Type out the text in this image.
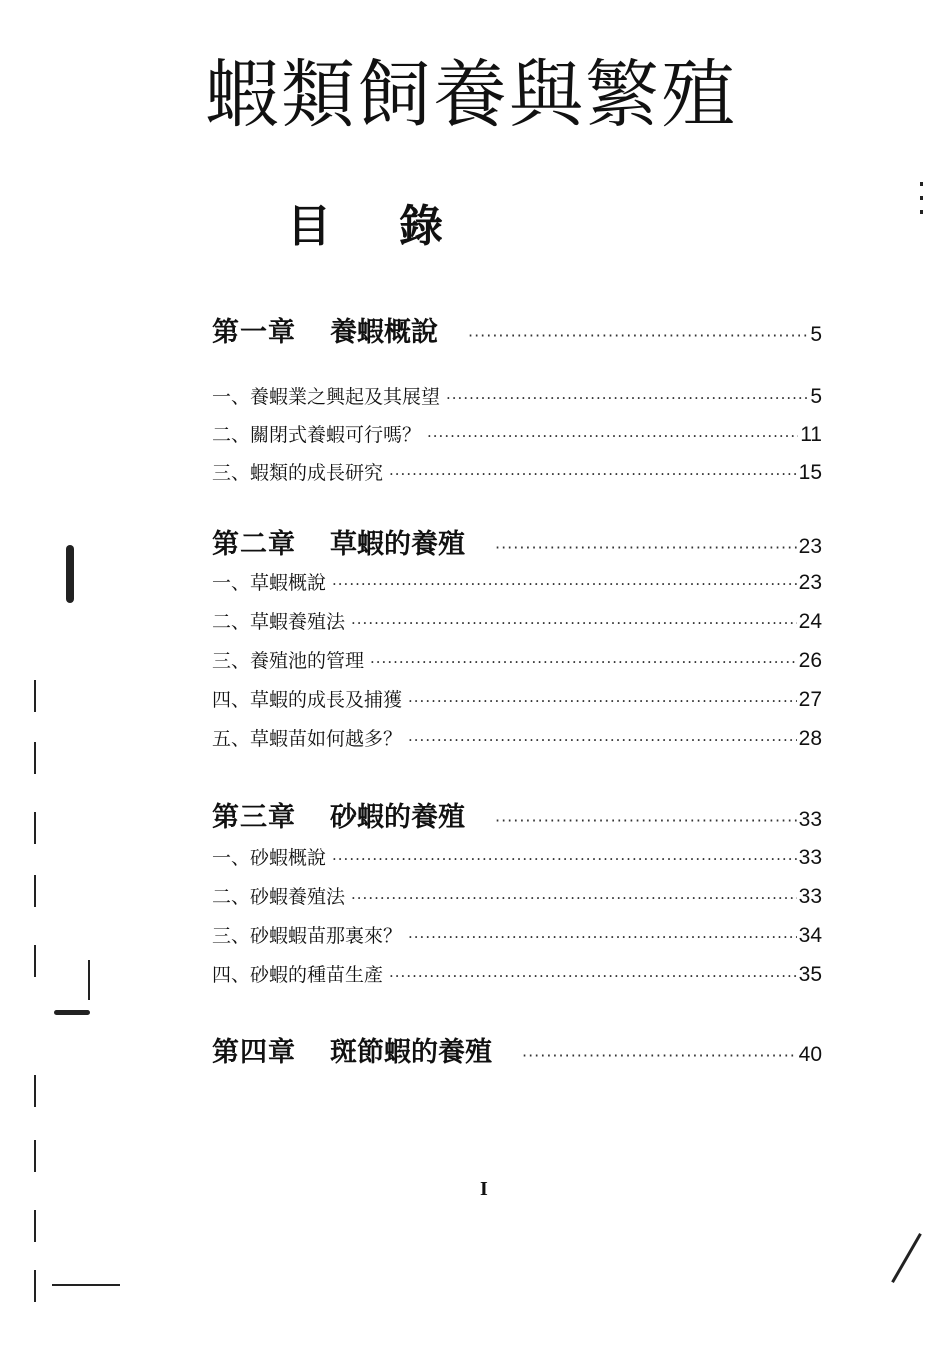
蝦類飼養與繁殖
目錄
第一章 養蝦概說 ·····	5
一、養蝦業之興起及其展望 ·····	5
二、關閉式養蝦可行嗎？ ·····	11
三、蝦類的成長研究 ·····	15
第二章 草蝦的養殖 ·····	23
一、草蝦概說 ·····	23
二、草蝦養殖法 ·····	24
三、養殖池的管理 ·····	26
四、草蝦的成長及捕獲 ·····	27
五、草蝦苗如何越多？ ·····	28
第三章 砂蝦的養殖 ·····	33
一、砂蝦概說 ·····	33
二、砂蝦養殖法 ·····	33
三、砂蝦蝦苗那裏來？ ·····	34
四、砂蝦的種苗生產 ·····	35
第四章 斑節蝦的養殖 ·····	40
I
